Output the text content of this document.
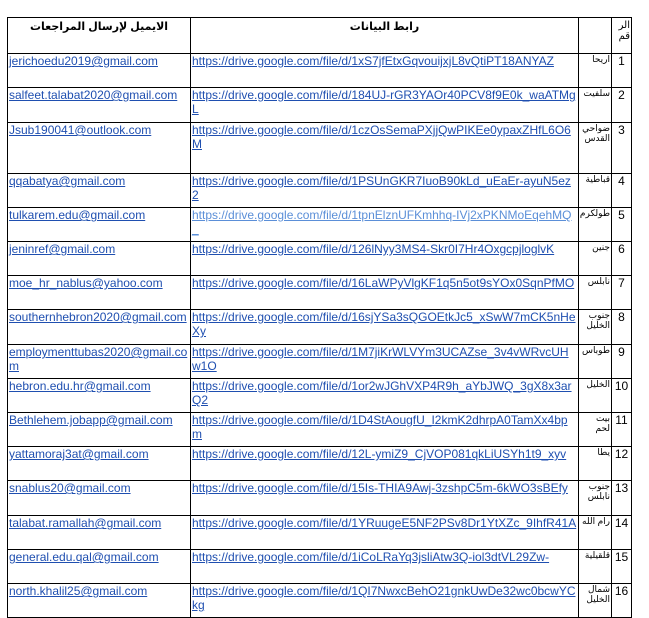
الايميل لإرسال المراجعات	رابط البيانات		الر قم
jerichoedu2019@gmail.com	https://drive.google.com/file/d/1xS7jfEtxGqvouijxjL8vQtiPT18ANYAZ	اريحا	1
salfeet.talabat2020@gmail.com	https://drive.google.com/file/d/184UJ-rGR3YAOr40PCV8f9E0k_waATMgL	سلفيت	2
Jsub190041@outlook.com	https://drive.google.com/file/d/1czOsSemaPXjjQwPIKEe0ypaxZHfL6O6M	ضواحي القدس	3
qqabatya@gmail.com	https://drive.google.com/file/d/1PSUnGKR7IuoB90kLd_uEaEr-ayuN5ez2	قباطية	4
tulkarem.edu@gmail.com	https://drive.google.com/file/d/1tpnElznUFKmhhq-IVj2xPKNMoEqehMQ_	طولكرم	5
jeninref@gmail.com	https://drive.google.com/file/d/126lNyy3MS4-Skr0I7Hr4OxgcpjloglvK	جنين	6
moe_hr_nablus@yahoo.com	https://drive.google.com/file/d/16LaWPyVlgKF1q5n5ot9sYOx0SqnPfMO	نابلس	7
southernhebron2020@gmail.com	https://drive.google.com/file/d/16sjYSa3sQGOEtkJc5_xSwW7mCK5nHeXy	جنوب الخليل	8
employmenttubas2020@gmail.com	https://drive.google.com/file/d/1M7jiKrWLVYm3UCAZse_3v4vWRvcUHw1O	طوباس	9
hebron.edu.hr@gmail.com	https://drive.google.com/file/d/1or2wJGhVXP4R9h_aYbJWQ_3gX8x3arQ2	الخليل	10
Bethlehem.jobapp@gmail.com	https://drive.google.com/file/d/1D4StAougfU_I2kmK2dhrpA0TamXx4bpm	بيت لحم	11
yattamoraj3at@gmail.com	https://drive.google.com/file/d/12L-ymiZ9_CjVOP081qkLiUSYh1t9_xyv	يطا	12
snablus20@gmail.com	https://drive.google.com/file/d/15Is-THIA9Awj-3zshpC5m-6kWO3sBEfy	جنوب نابلس	13
talabat.ramallah@gmail.com	https://drive.google.com/file/d/1YRuugeE5NF2PSv8Dr1YtXZc_9IhfR41A	رام الله	14
general.edu.qal@gmail.com	https://drive.google.com/file/d/1iCoLRaYq3jsliAtw3Q-iol3dtVL29Zw-	قلقيلية	15
north.khalil25@gmail.com	https://drive.google.com/file/d/1QI7NwxcBehO21gnkUwDe32wc0bcwYCkg	شمال الخليل	16
